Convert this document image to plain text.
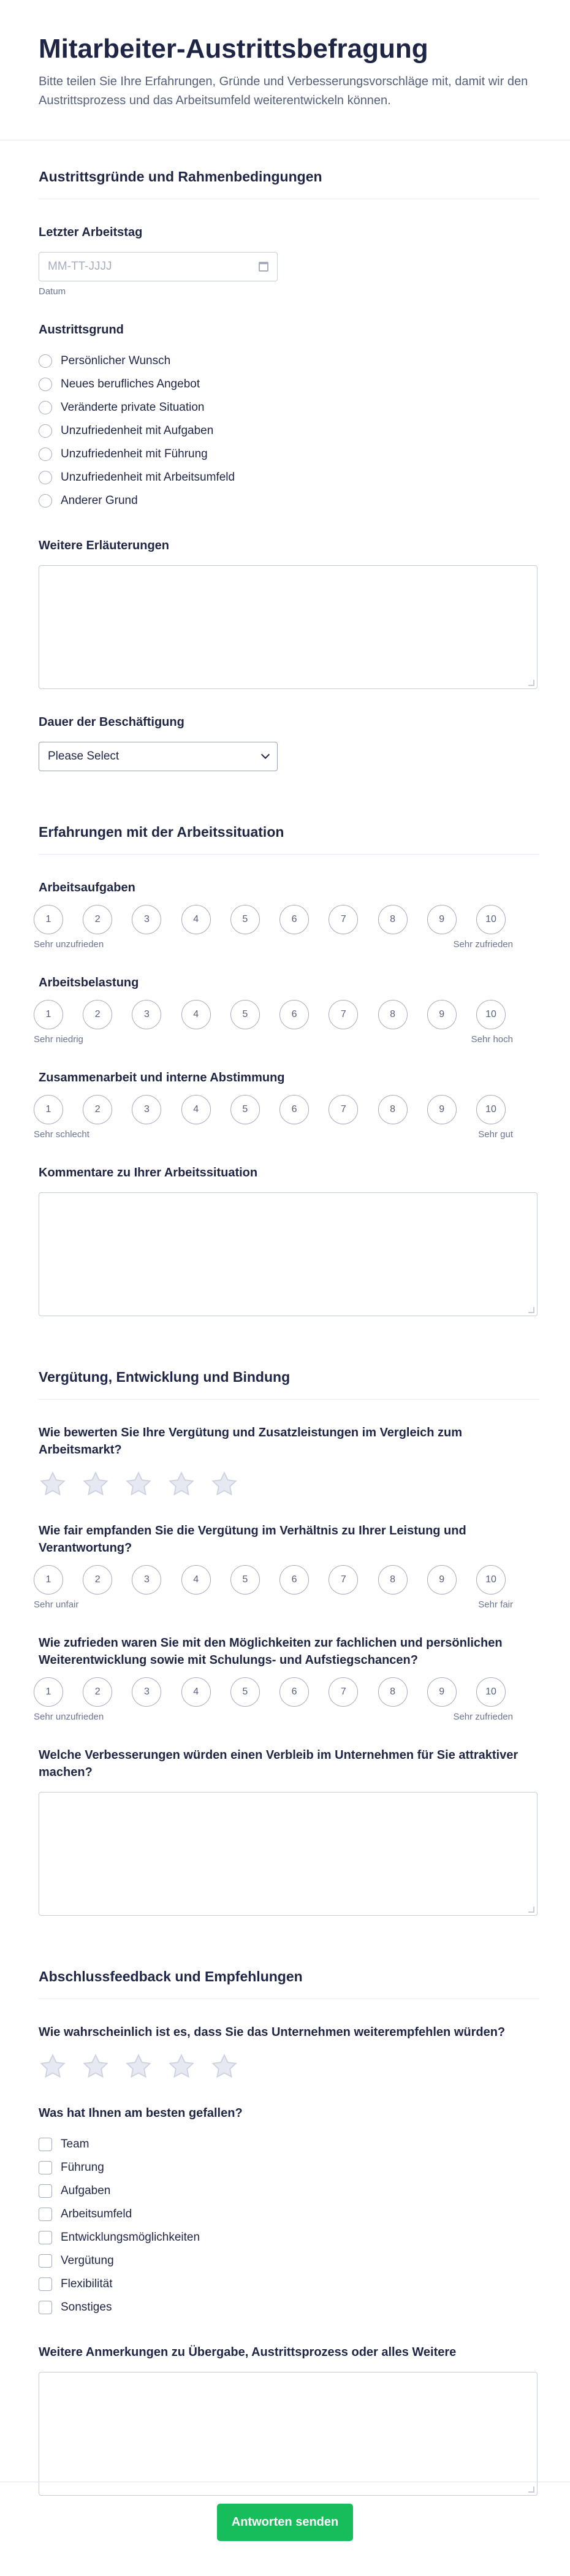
Mitarbeiter-Austrittsbefragung

Bitte teilen Sie Ihre Erfahrungen, Gründe und Verbesserungsvorschläge mit, damit wir den Austrittsprozess und das Arbeitsumfeld weiterentwickeln können.

Austrittsgründe und Rahmenbedingungen
Letzter Arbeitstag
MM-TT-JJJJ
Datum
Austrittsgrund
Persönlicher Wunsch
Neues berufliches Angebot
Veränderte private Situation
Unzufriedenheit mit Aufgaben
Unzufriedenheit mit Führung
Unzufriedenheit mit Arbeitsumfeld
Anderer Grund
Weitere Erläuterungen
Dauer der Beschäftigung
Please Select
Erfahrungen mit der Arbeitssituation
Arbeitsaufgaben
1	2	3	4	5	6	7	8	9	10
Sehr unzufrieden	Sehr zufrieden
Arbeitsbelastung
1	2	3	4	5	6	7	8	9	10
Sehr niedrig	Sehr hoch
Zusammenarbeit und interne Abstimmung
1	2	3	4	5	6	7	8	9	10
Sehr schlecht	Sehr gut
Kommentare zu Ihrer Arbeitssituation
Vergütung, Entwicklung und Bindung
Wie bewerten Sie Ihre Vergütung und Zusatzleistungen im Vergleich zum Arbeitsmarkt?
Wie fair empfanden Sie die Vergütung im Verhältnis zu Ihrer Leistung und Verantwortung?
1	2	3	4	5	6	7	8	9	10
Sehr unfair	Sehr fair
Wie zufrieden waren Sie mit den Möglichkeiten zur fachlichen und persönlichen Weiterentwicklung sowie mit Schulungs- und Aufstiegschancen?
1	2	3	4	5	6	7	8	9	10
Sehr unzufrieden	Sehr zufrieden
Welche Verbesserungen würden einen Verbleib im Unternehmen für Sie attraktiver machen?
Abschlussfeedback und Empfehlungen
Wie wahrscheinlich ist es, dass Sie das Unternehmen weiterempfehlen würden?
Was hat Ihnen am besten gefallen?
Team
Führung
Aufgaben
Arbeitsumfeld
Entwicklungsmöglichkeiten
Vergütung
Flexibilität
Sonstiges
Weitere Anmerkungen zu Übergabe, Austrittsprozess oder alles Weitere
Antworten senden
